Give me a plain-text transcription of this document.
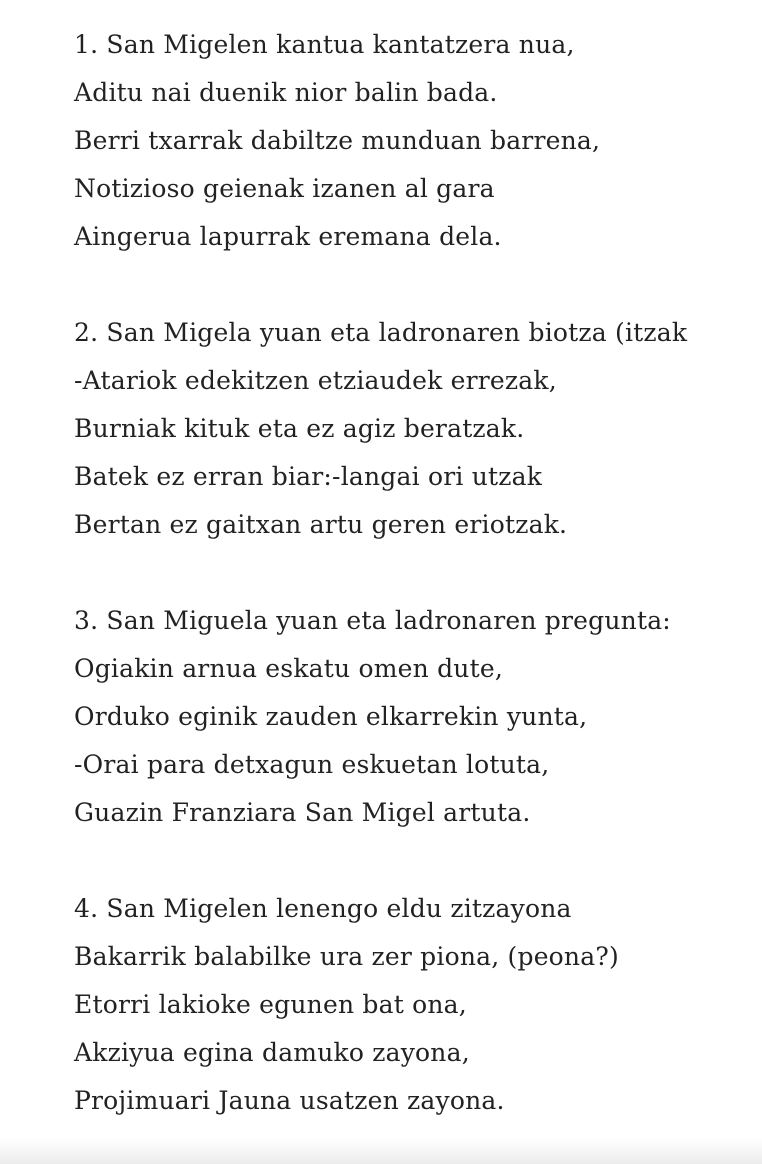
1. San Migelen kantua kantatzera nua,
Aditu nai duenik nior balin bada.
Berri txarrak dabiltze munduan barrena,
Notizioso geienak izanen al gara
Aingerua lapurrak eremana dela.
2. San Migela yuan eta ladronaren biotza (itzak
-Atariok edekitzen etziaudek errezak,
Burniak kituk eta ez agiz beratzak.
Batek ez erran biar:-langai ori utzak
Bertan ez gaitxan artu geren eriotzak.
3. San Miguela yuan eta ladronaren pregunta:
Ogiakin arnua eskatu omen dute,
Orduko eginik zauden elkarrekin yunta,
-Orai para detxagun eskuetan lotuta,
Guazin Franziara San Migel artuta.
4. San Migelen lenengo eldu zitzayona
Bakarrik balabilke ura zer piona, (peona?)
Etorri lakioke egunen bat ona,
Akziyua egina damuko zayona,
Projimuari Jauna usatzen zayona.
